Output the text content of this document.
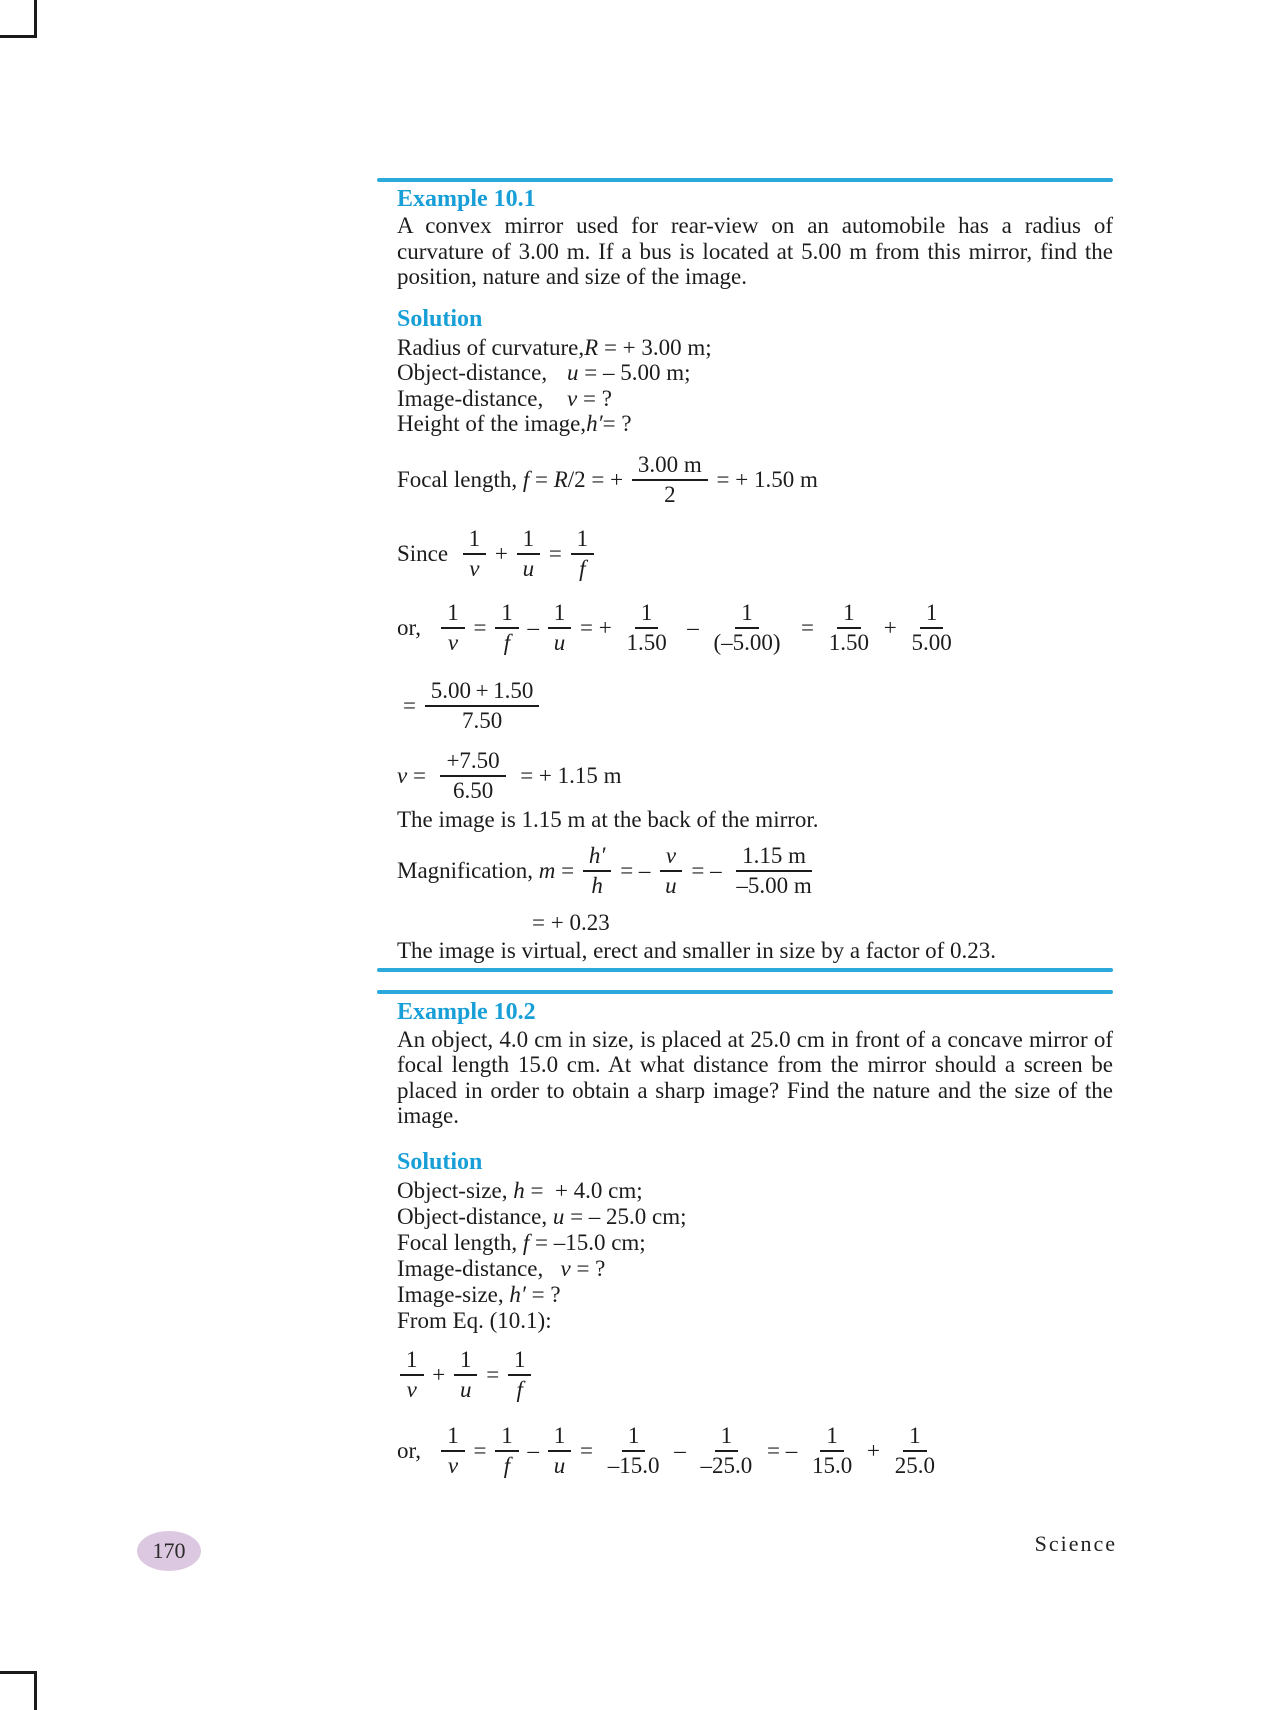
Example 10.1
A convex mirror used for rear-view on an automobile has a radius of curvature of 3.00 m. If a bus is located at 5.00 m from this mirror, find the position, nature and size of the image.
Solution
Radius of curvature, R = + 3.00 m;
Object-distance, u = – 5.00 m;
Image-distance,	v = ?
Height of the image, h′ = ?
Focal length, f = R /2 = + $\frac{3.00 m}{2}$ = + 1.50 m
Since $\frac{1}{v} + \frac{1}{u} = \frac{1}{f}$
or, $\frac{1}{v} = \frac{1}{f} - \frac{1}{u}$ = + $\frac{1}{1.50} - \frac{1}{(-5.00)} = \frac{1}{1.50} + \frac{1}{5.00}$
= $\frac{5.00 + 1.50}{7.50}$
$v = \frac{+7.50}{6.50}$ = + 1.15 m
The image is 1.15 m at the back of the mirror.
Magnification, $m = \frac{h'}{h}$ = – $\frac{v}{u}$ = – $\frac{1.15 m}{-5.00 m}$
= + 0.23
The image is virtual, erect and smaller in size by a factor of 0.23.
Example 10.2
An object, 4.0 cm in size, is placed at 25.0 cm in front of a concave mirror of focal length 15.0 cm. At what distance from the mirror should a screen be placed in order to obtain a sharp image? Find the nature and the size of the image.
Solution
Object-size, h =  + 4.0 cm;
Object-distance, u = – 25.0 cm;
Focal length, f = –15.0 cm;
Image-distance,   v = ?
Image-size, h′ = ?
From Eq. (10.1):
$\frac{1}{v} + \frac{1}{u} = \frac{1}{f}$
or, $\frac{1}{v} = \frac{1}{f} - \frac{1}{u} = \frac{1}{-15.0} - \frac{1}{-25.0}$ = – $\frac{1}{15.0} + \frac{1}{25.0}$
170	Science
